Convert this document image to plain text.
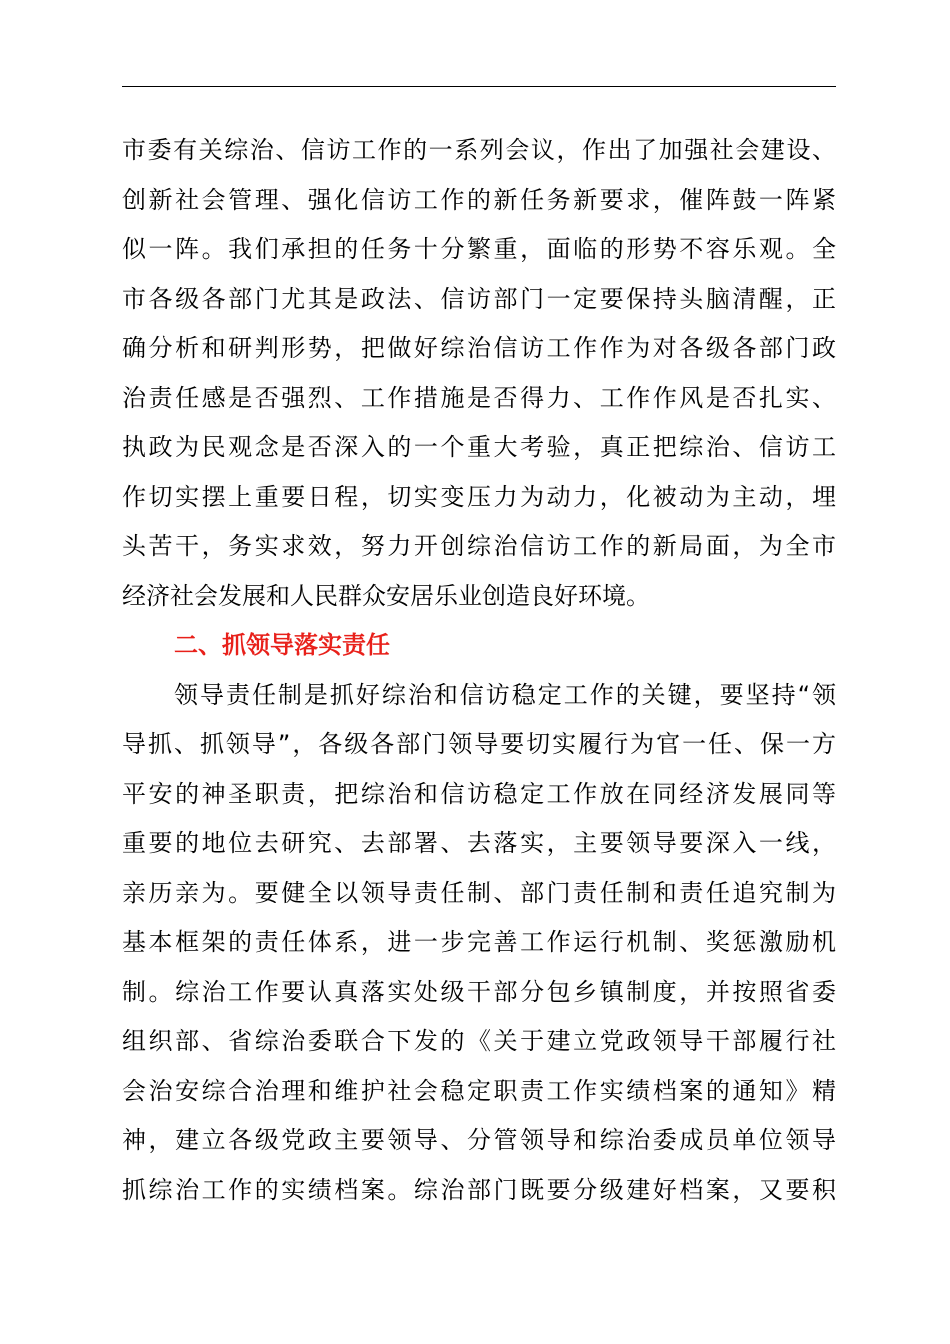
市委有关综治、信访工作的一系列会议，作出了加强社会建设、
创新社会管理、强化信访工作的新任务新要求，催阵鼓一阵紧
似一阵。我们承担的任务十分繁重，面临的形势不容乐观。全
市各级各部门尤其是政法、信访部门一定要保持头脑清醒，正
确分析和研判形势，把做好综治信访工作作为对各级各部门政
治责任感是否强烈、工作措施是否得力、工作作风是否扎实、
执政为民观念是否深入的一个重大考验，真正把综治、信访工
作切实摆上重要日程，切实变压力为动力，化被动为主动，埋
头苦干，务实求效，努力开创综治信访工作的新局面，为全市
经济社会发展和人民群众安居乐业创造良好环境。
二、抓领导落实责任
领导责任制是抓好综治和信访稳定工作的关键，要坚持“领
导抓、抓领导”，各级各部门领导要切实履行为官一任、保一方
平安的神圣职责，把综治和信访稳定工作放在同经济发展同等
重要的地位去研究、去部署、去落实，主要领导要深入一线，
亲历亲为。要健全以领导责任制、部门责任制和责任追究制为
基本框架的责任体系，进一步完善工作运行机制、奖惩激励机
制。综治工作要认真落实处级干部分包乡镇制度，并按照省委
组织部、省综治委联合下发的《关于建立党政领导干部履行社
会治安综合治理和维护社会稳定职责工作实绩档案的通知》精
神，建立各级党政主要领导、分管领导和综治委成员单位领导
抓综治工作的实绩档案。综治部门既要分级建好档案，又要积
